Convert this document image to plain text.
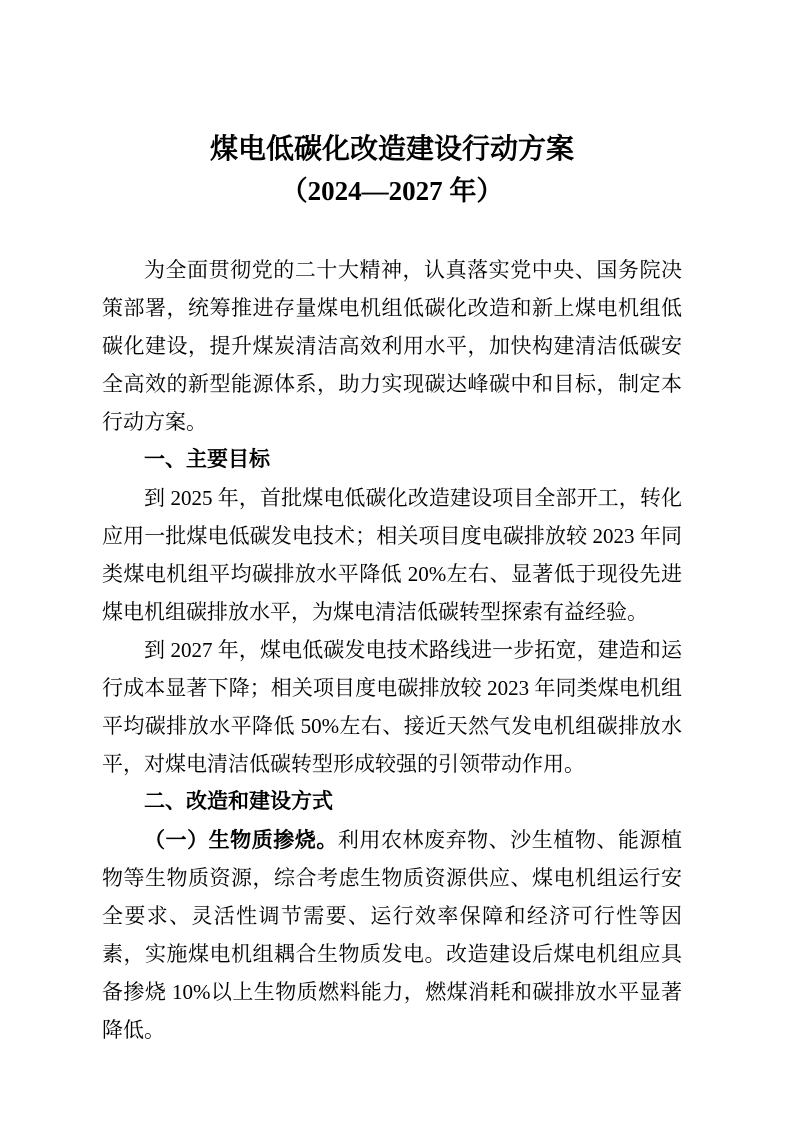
煤电低碳化改造建设行动方案
（2024—2027 年）

为全面贯彻党的二十大精神，认真落实党中央、国务院决策部署，统筹推进存量煤电机组低碳化改造和新上煤电机组低碳化建设，提升煤炭清洁高效利用水平，加快构建清洁低碳安全高效的新型能源体系，助力实现碳达峰碳中和目标，制定本行动方案。

一、主要目标

到 2025 年，首批煤电低碳化改造建设项目全部开工，转化应用一批煤电低碳发电技术；相关项目度电碳排放较 2023 年同类煤电机组平均碳排放水平降低 20%左右、显著低于现役先进煤电机组碳排放水平，为煤电清洁低碳转型探索有益经验。

到 2027 年，煤电低碳发电技术路线进一步拓宽，建造和运行成本显著下降；相关项目度电碳排放较 2023 年同类煤电机组平均碳排放水平降低 50%左右、接近天然气发电机组碳排放水平，对煤电清洁低碳转型形成较强的引领带动作用。

二、改造和建设方式

（一）生物质掺烧。利用农林废弃物、沙生植物、能源植物等生物质资源，综合考虑生物质资源供应、煤电机组运行安全要求、灵活性调节需要、运行效率保障和经济可行性等因素，实施煤电机组耦合生物质发电。改造建设后煤电机组应具备掺烧 10%以上生物质燃料能力，燃煤消耗和碳排放水平显著降低。
